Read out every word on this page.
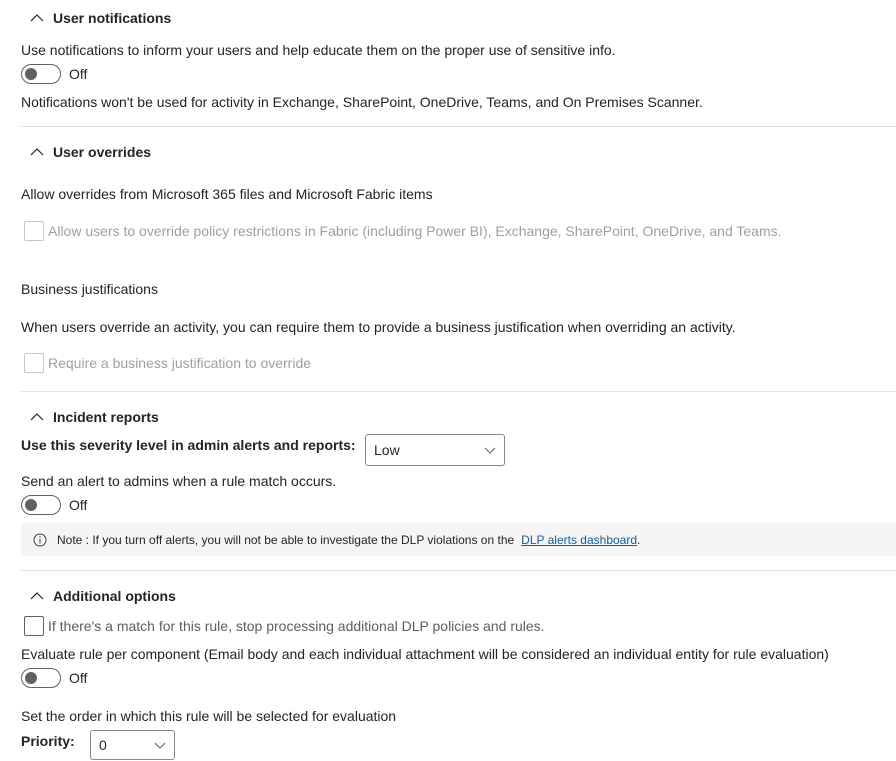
User notifications
Use notifications to inform your users and help educate them on the proper use of sensitive info.
Off
Notifications won't be used for activity in Exchange, SharePoint, OneDrive, Teams, and On Premises Scanner.
User overrides
Allow overrides from Microsoft 365 files and Microsoft Fabric items
Allow users to override policy restrictions in Fabric (including Power BI), Exchange, SharePoint, OneDrive, and Teams.
Business justifications
When users override an activity, you can require them to provide a business justification when overriding an activity.
Require a business justification to override
Incident reports
Use this severity level in admin alerts and reports: Low
Send an alert to admins when a rule match occurs.
Off
Note : If you turn off alerts, you will not be able to investigate the DLP violations on the DLP alerts dashboard .
Additional options
If there's a match for this rule, stop processing additional DLP policies and rules.
Evaluate rule per component (Email body and each individual attachment will be considered an individual entity for rule evaluation)
Off
Set the order in which this rule will be selected for evaluation
Priority: 0
